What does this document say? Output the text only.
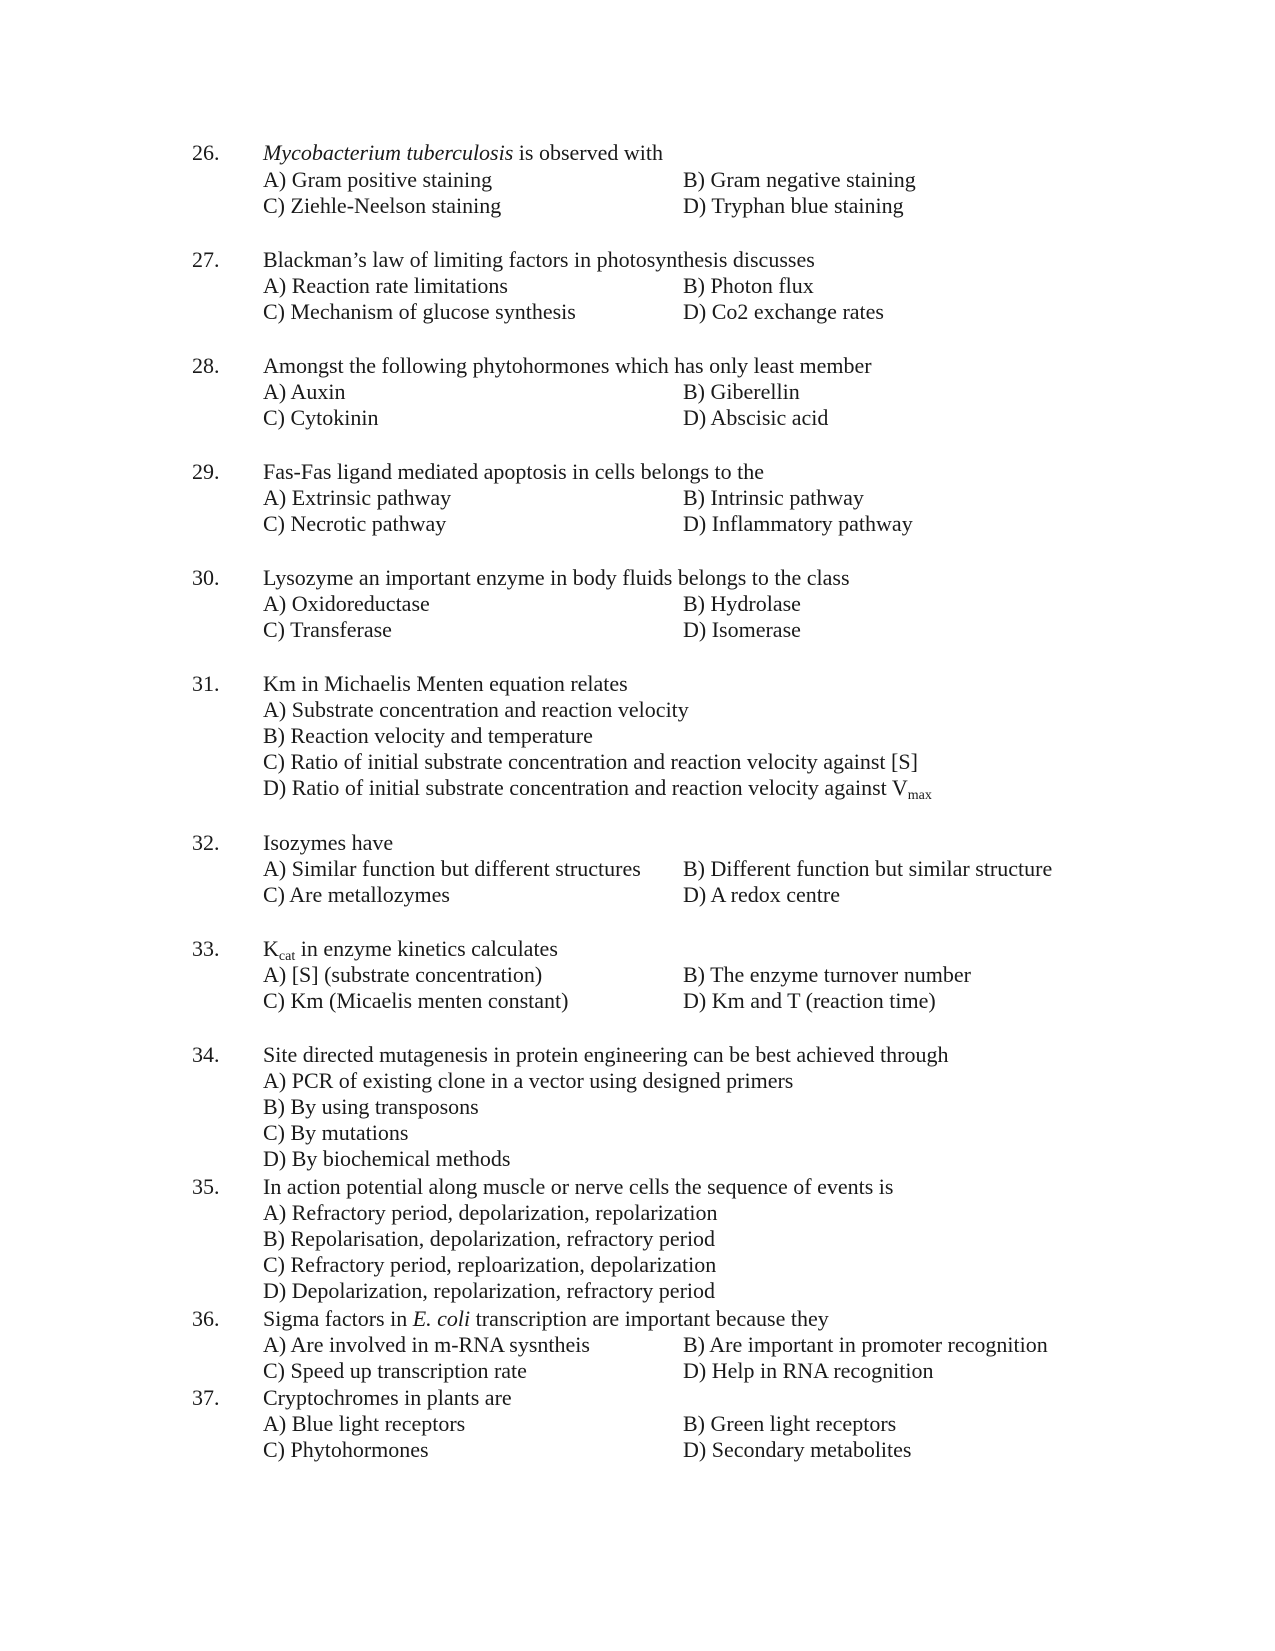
26. Mycobacterium tuberculosis is observed with
A) Gram positive staining	B) Gram negative staining
C) Ziehle-Neelson staining	D) Tryphan blue staining
27. Blackman’s law of limiting factors in photosynthesis discusses
A) Reaction rate limitations	B) Photon flux
C) Mechanism of glucose synthesis	D) Co2 exchange rates
28. Amongst the following phytohormones which has only least member
A) Auxin	B) Giberellin
C) Cytokinin	D) Abscisic acid
29. Fas-Fas ligand mediated apoptosis in cells belongs to the
A) Extrinsic pathway	B) Intrinsic pathway
C) Necrotic pathway	D) Inflammatory pathway
30. Lysozyme an important enzyme in body fluids belongs to the class
A) Oxidoreductase	B) Hydrolase
C) Transferase	D) Isomerase
31. Km in Michaelis Menten equation relates
A) Substrate concentration and reaction velocity
B) Reaction velocity and temperature
C) Ratio of initial substrate concentration and reaction velocity against [S]
D) Ratio of initial substrate concentration and reaction velocity against $V_{max}$
32. Isozymes have
A) Similar function but different structures B) Different function but similar structure
C) Are metallozymes	D) A redox centre
33. $K_{cat}$ in enzyme kinetics calculates
A) [S] (substrate concentration)	B) The enzyme turnover number
C) Km (Micaelis menten constant)	D) Km and T (reaction time)
34. Site directed mutagenesis in protein engineering can be best achieved through
A) PCR of existing clone in a vector using designed primers
B) By using transposons
C) By mutations
D) By biochemical methods
35. In action potential along muscle or nerve cells the sequence of events is
A) Refractory period, depolarization, repolarization
B) Repolarisation, depolarization, refractory period
C) Refractory period, reploarization, depolarization
D) Depolarization, repolarization, refractory period
36. Sigma factors in E. coli transcription are important because they
A) Are involved in m-RNA sysntheis	B) Are important in promoter recognition
C) Speed up transcription rate	D) Help in RNA recognition
37. Cryptochromes in plants are
A) Blue light receptors	B) Green light receptors
C) Phytohormones	D) Secondary metabolites
